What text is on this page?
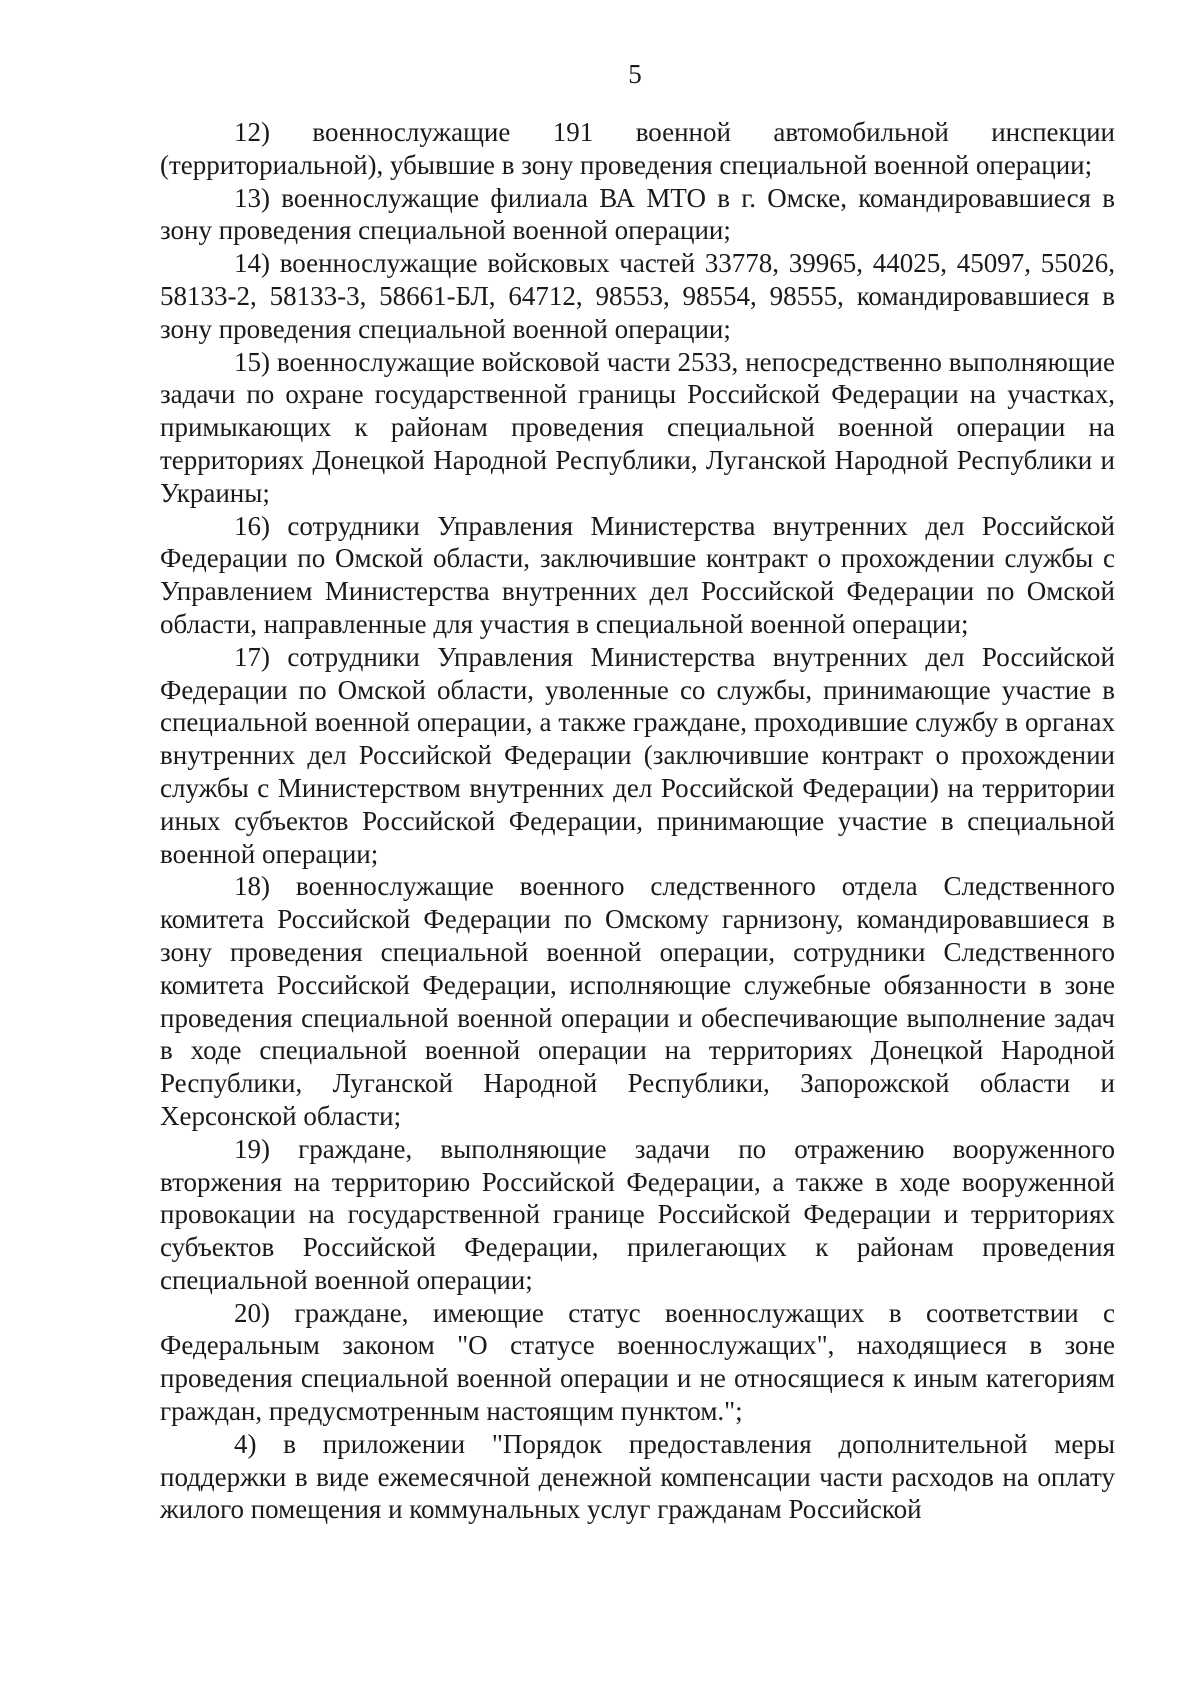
5

12) военнослужащие 191 военной автомобильной инспекции (территориальной), убывшие в зону проведения специальной военной операции;

13) военнослужащие филиала ВА МТО в г. Омске, командировавшиеся в зону проведения специальной военной операции;

14) военнослужащие войсковых частей 33778, 39965, 44025, 45097, 55026, 58133-2, 58133-3, 58661-БЛ, 64712, 98553, 98554, 98555, командировавшиеся в зону проведения специальной военной операции;

15) военнослужащие войсковой части 2533, непосредственно выполняющие задачи по охране государственной границы Российской Федерации на участках, примыкающих к районам проведения специальной военной операции на территориях Донецкой Народной Республики, Луганской Народной Республики и Украины;

16) сотрудники Управления Министерства внутренних дел Российской Федерации по Омской области, заключившие контракт о прохождении службы с Управлением Министерства внутренних дел Российской Федерации по Омской области, направленные для участия в специальной военной операции;

17) сотрудники Управления Министерства внутренних дел Российской Федерации по Омской области, уволенные со службы, принимающие участие в специальной военной операции, а также граждане, проходившие службу в органах внутренних дел Российской Федерации (заключившие контракт о прохождении службы с Министерством внутренних дел Российской Федерации) на территории иных субъектов Российской Федерации, принимающие участие в специальной военной операции;

18) военнослужащие военного следственного отдела Следственного комитета Российской Федерации по Омскому гарнизону, командировавшиеся в зону проведения специальной военной операции, сотрудники Следственного комитета Российской Федерации, исполняющие служебные обязанности в зоне проведения специальной военной операции и обеспечивающие выполнение задач в ходе специальной военной операции на территориях Донецкой Народной Республики, Луганской Народной Республики, Запорожской области и Херсонской области;

19) граждане, выполняющие задачи по отражению вооруженного вторжения на территорию Российской Федерации, а также в ходе вооруженной провокации на государственной границе Российской Федерации и территориях субъектов Российской Федерации, прилегающих к районам проведения специальной военной операции;

20) граждане, имеющие статус военнослужащих в соответствии с Федеральным законом "О статусе военнослужащих", находящиеся в зоне проведения специальной военной операции и не относящиеся к иным категориям граждан, предусмотренным настоящим пунктом.";

4) в приложении "Порядок предоставления дополнительной меры поддержки в виде ежемесячной денежной компенсации части расходов на оплату жилого помещения и коммунальных услуг гражданам Российской
